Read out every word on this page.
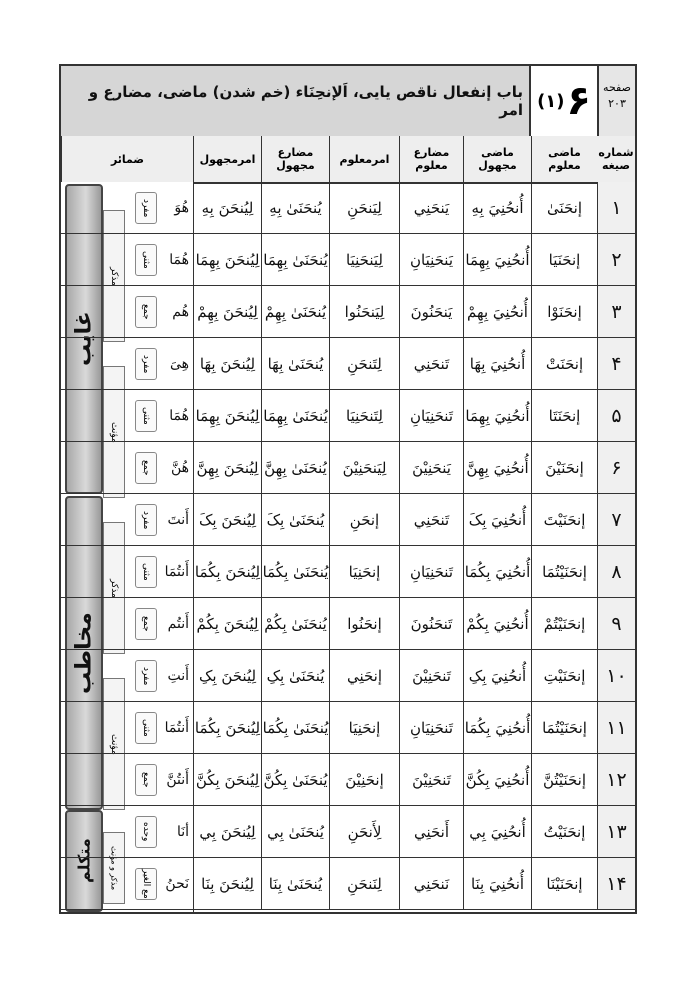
صفحه
۲۰۳
۶
(۱)
باب إنفعال ناقص یایی، اَلإنحِنَاء (خم شدن) ماضی، مضارع و امر
شماره صیغه
ماضی معلوم
ماضی مجهول
مضارع معلوم
امرمعلوم
مضارع مجهول
امرمجهول
ضمائر
غایب
مخاطب
متکلم
مذکر
مؤنث
مذکر
مؤنث
مذکر و مؤنث
۱
إنحَنَیٰ
أُنحُنِيَ بِهِ
يَنحَنِي
لِيَنحَنِ
يُنحَنَیٰ بِهِ
لِيُنحَنَ بِهِ
هُوَ
مفرد
۲
إنحَنَيَا
أُنحُنِيَ بِهِمَا
يَنحَنِيَانِ
لِيَنحَنِيَا
يُنحَنَیٰ بِهِمَا
لِيُنحَنَ بِهِمَا
هُمَا
مثنی
۳
إنحَنَوْا
أُنحُنِيَ بِهِمْ
يَنحَنُونَ
لِيَنحَنُوا
يُنحَنَیٰ بِهِمْ
لِيُنحَنَ بِهِمْ
هُم
جمع
۴
إنحَنَتْ
أُنحُنِيَ بِهَا
تَنحَنِي
لِتَنحَنِ
يُنحَنَیٰ بِهَا
لِيُنحَنَ بِهَا
هِیَ
مفرد
۵
إنحَنَتَا
أُنحُنِيَ بِهِمَا
تَنحَنِيَانِ
لِتَنحَنِيَا
يُنحَنَیٰ بِهِمَا
لِيُنحَنَ بِهِمَا
هُمَا
مثنی
۶
إنحَنَيْنَ
أُنحُنِيَ بِهِنَّ
يَنحَنِيْنَ
لِيَنحَنِيْنَ
يُنحَنَیٰ بِهِنَّ
لِيُنحَنَ بِهِنَّ
هُنَّ
جمع
۷
إنحَنَيْتَ
أُنحُنِيَ بِکَ
تَنحَنِي
إنحَنِ
يُنحَنَیٰ بِکَ
لِيُنحَنَ بِکَ
أَنتَ
مفرد
۸
إنحَنَيْتُمَا
أُنحُنِيَ بِکُمَا
تَنحَنِيَانِ
إنحَنِيَا
يُنحَنَیٰ بِکُمَا
لِيُنحَنَ بِکُمَا
أَنتُمَا
مثنی
۹
إنحَنَيْتُمْ
أُنحُنِيَ بِکُمْ
تَنحَنُونَ
إنحَنُوا
يُنحَنَیٰ بِکُمْ
لِيُنحَنَ بِکُمْ
أَنتُم
جمع
۱۰
إنحَنَيْتِ
أُنحُنِيَ بِکِ
تَنحَنِيْنَ
إنحَنِي
يُنحَنَیٰ بِکِ
لِيُنحَنَ بِکِ
أَنتِ
مفرد
۱۱
إنحَنَيْتُمَا
أُنحُنِيَ بِکُمَا
تَنحَنِيَانِ
إنحَنِيَا
يُنحَنَیٰ بِکُمَا
لِيُنحَنَ بِکُمَا
أَنتُمَا
مثنی
۱۲
إنحَنَيْتُنَّ
أُنحُنِيَ بِکُنَّ
تَنحَنِيْنَ
إنحَنِيْنَ
يُنحَنَیٰ بِکُنَّ
لِيُنحَنَ بِکُنَّ
أَنتُنَّ
جمع
۱۳
إنحَنَيْتُ
أُنحُنِيَ بِي
أَنحَنِي
لِأَنحَنِ
يُنحَنَیٰ بِي
لِيُنحَنَ بِي
أنَا
وحده
۱۴
إنحَنَيْنَا
أُنحُنِيَ بِنَا
نَنحَنِي
لِنَنحَنِ
يُنحَنَیٰ بِنَا
لِيُنحَنَ بِنَا
نَحنُ
مع الغیر
